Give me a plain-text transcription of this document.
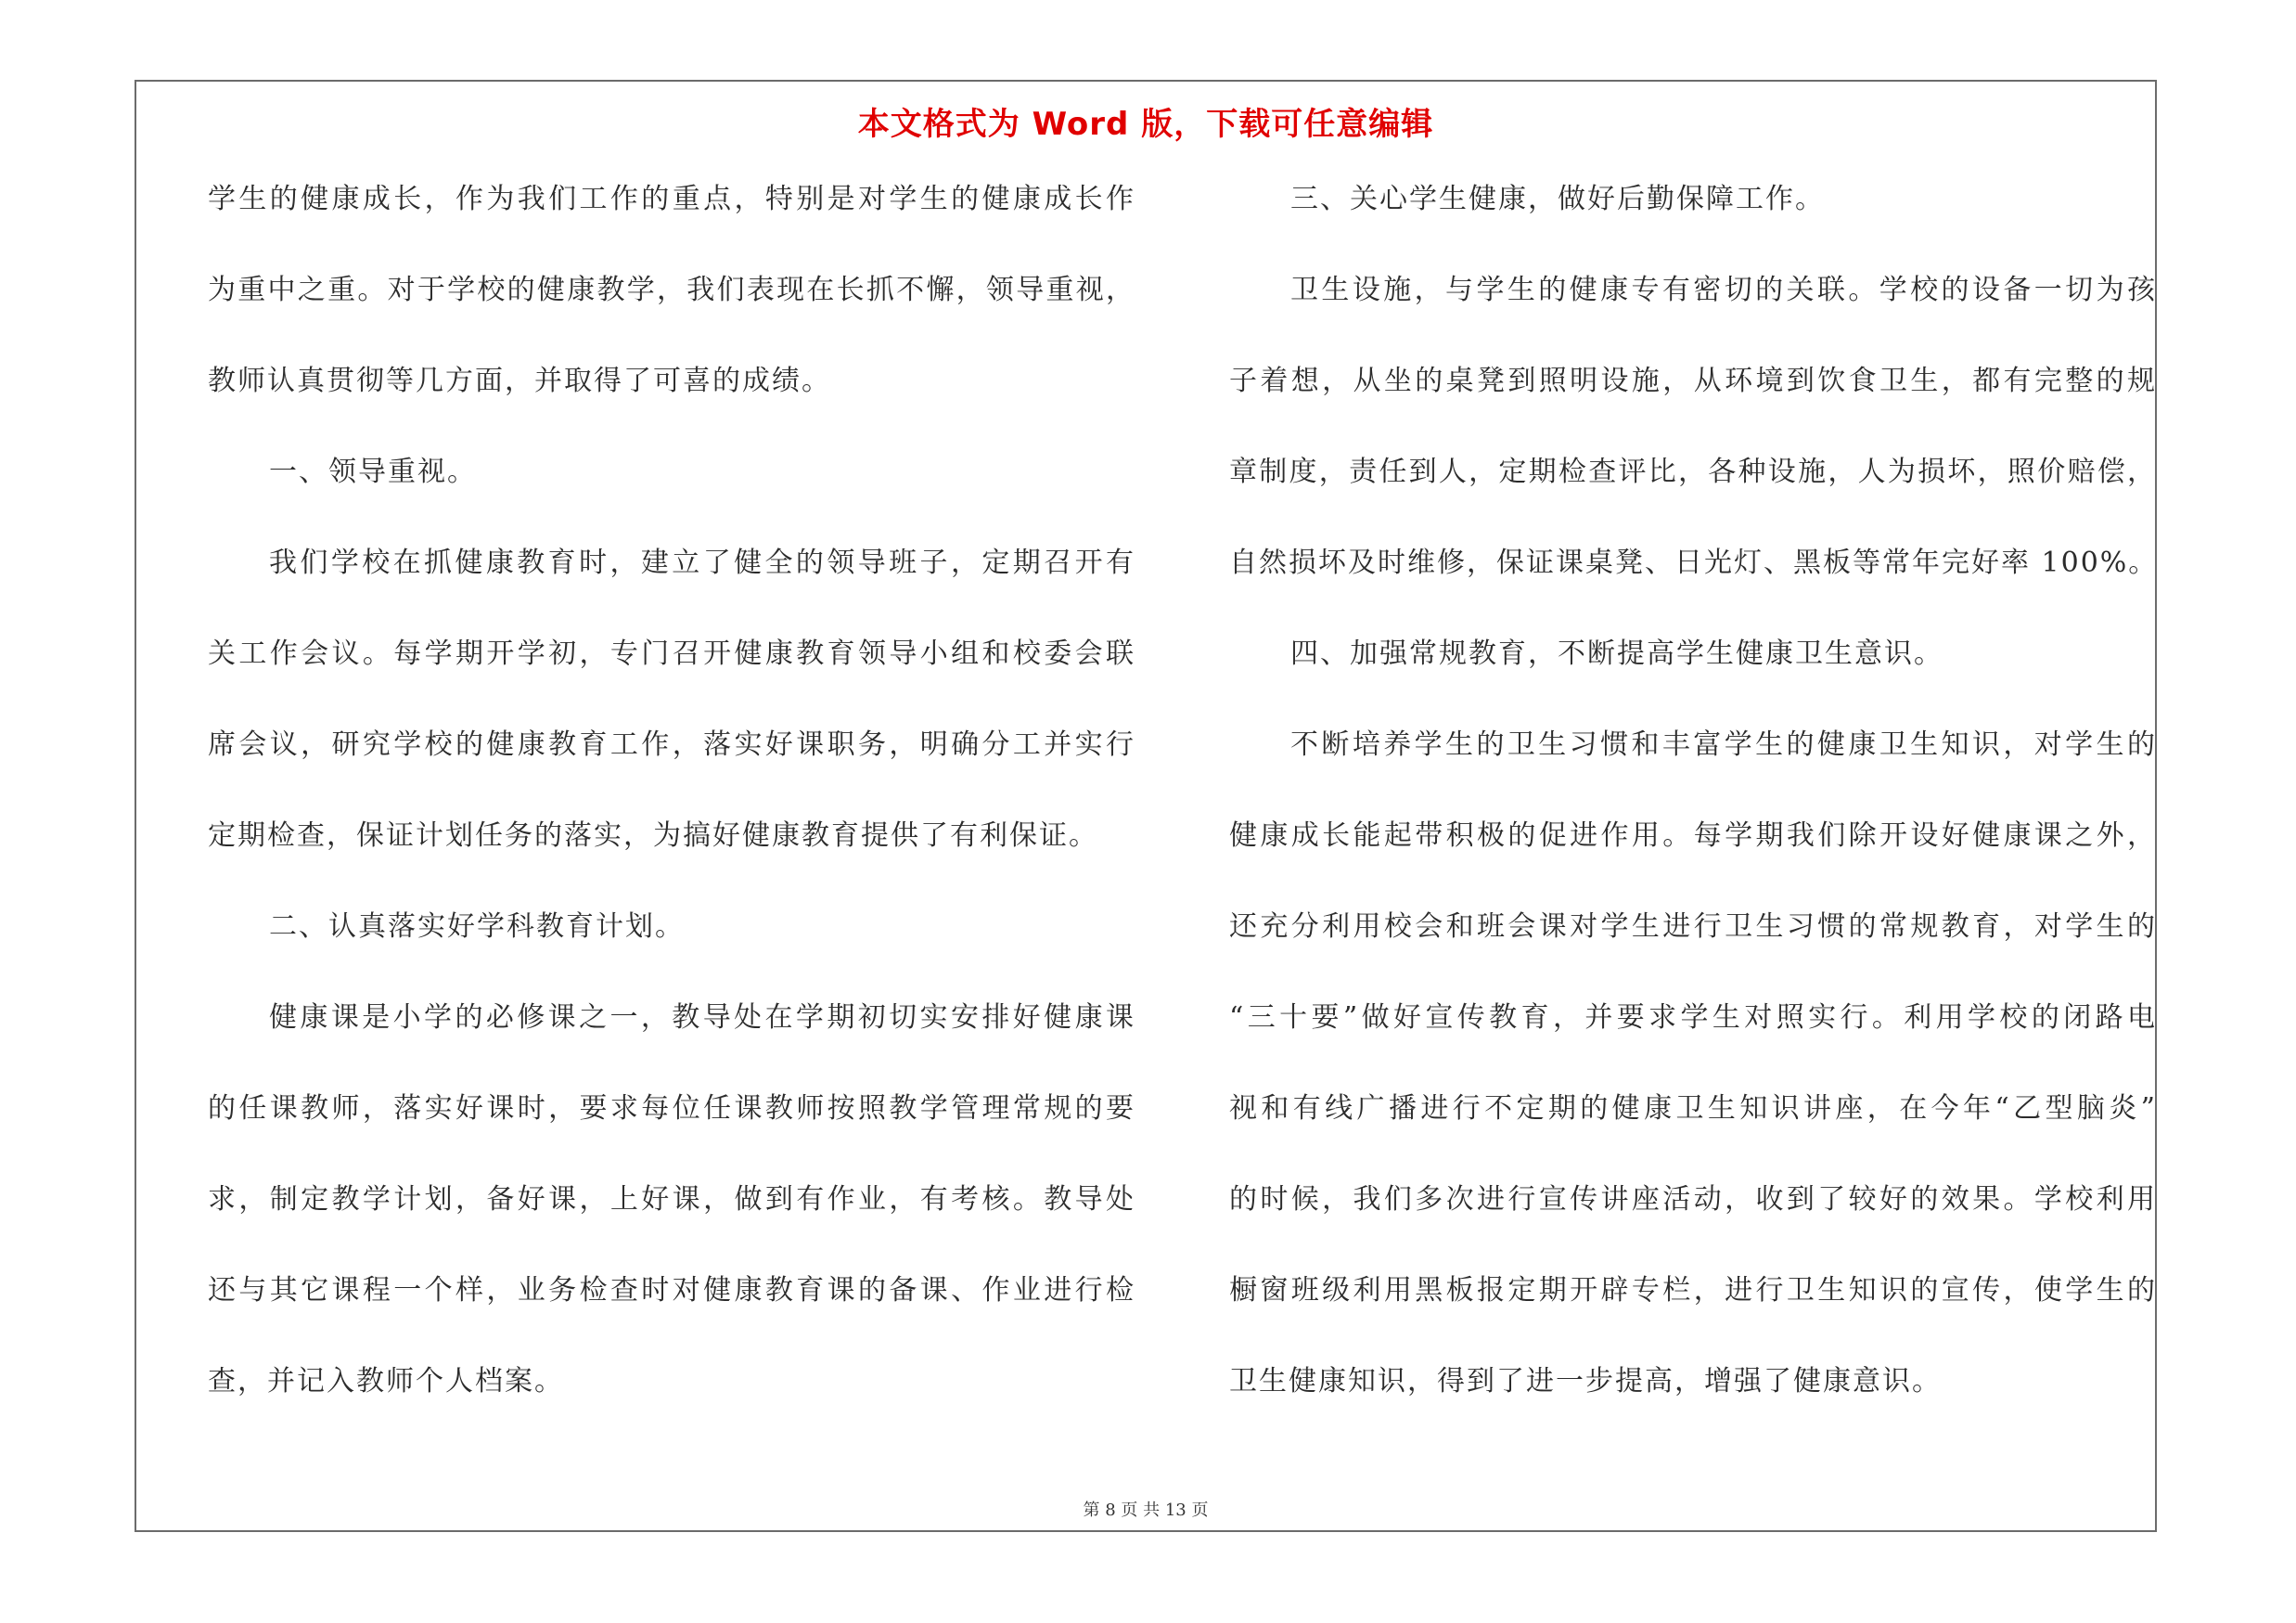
本文格式为 Word 版，下载可任意编辑
学生的健康成长，作为我们工作的重点，特别是对学生的健康成长作
为重中之重。对于学校的健康教学，我们表现在长抓不懈，领导重视，
教师认真贯彻等几方面，并取得了可喜的成绩。
一、领导重视。
我们学校在抓健康教育时，建立了健全的领导班子，定期召开有
关工作会议。每学期开学初，专门召开健康教育领导小组和校委会联
席会议，研究学校的健康教育工作，落实好课职务，明确分工并实行
定期检查，保证计划任务的落实，为搞好健康教育提供了有利保证。
二、认真落实好学科教育计划。
健康课是小学的必修课之一，教导处在学期初切实安排好健康课
的任课教师，落实好课时，要求每位任课教师按照教学管理常规的要
求，制定教学计划，备好课，上好课，做到有作业，有考核。教导处
还与其它课程一个样，业务检查时对健康教育课的备课、作业进行检
查，并记入教师个人档案。
三、关心学生健康，做好后勤保障工作。
卫生设施，与学生的健康专有密切的关联。学校的设备一切为孩
子着想，从坐的桌凳到照明设施，从环境到饮食卫生，都有完整的规
章制度，责任到人，定期检查评比，各种设施，人为损坏，照价赔偿，
自然损坏及时维修，保证课桌凳、日光灯、黑板等常年完好率 100%。
四、加强常规教育，不断提高学生健康卫生意识。
不断培养学生的卫生习惯和丰富学生的健康卫生知识，对学生的
健康成长能起带积极的促进作用。每学期我们除开设好健康课之外，
还充分利用校会和班会课对学生进行卫生习惯的常规教育，对学生的
“三十要”做好宣传教育，并要求学生对照实行。利用学校的闭路电
视和有线广播进行不定期的健康卫生知识讲座，在今年“乙型脑炎”
的时候，我们多次进行宣传讲座活动，收到了较好的效果。学校利用
橱窗班级利用黑板报定期开辟专栏，进行卫生知识的宣传，使学生的
卫生健康知识，得到了进一步提高，增强了健康意识。
第 8 页 共 13 页
